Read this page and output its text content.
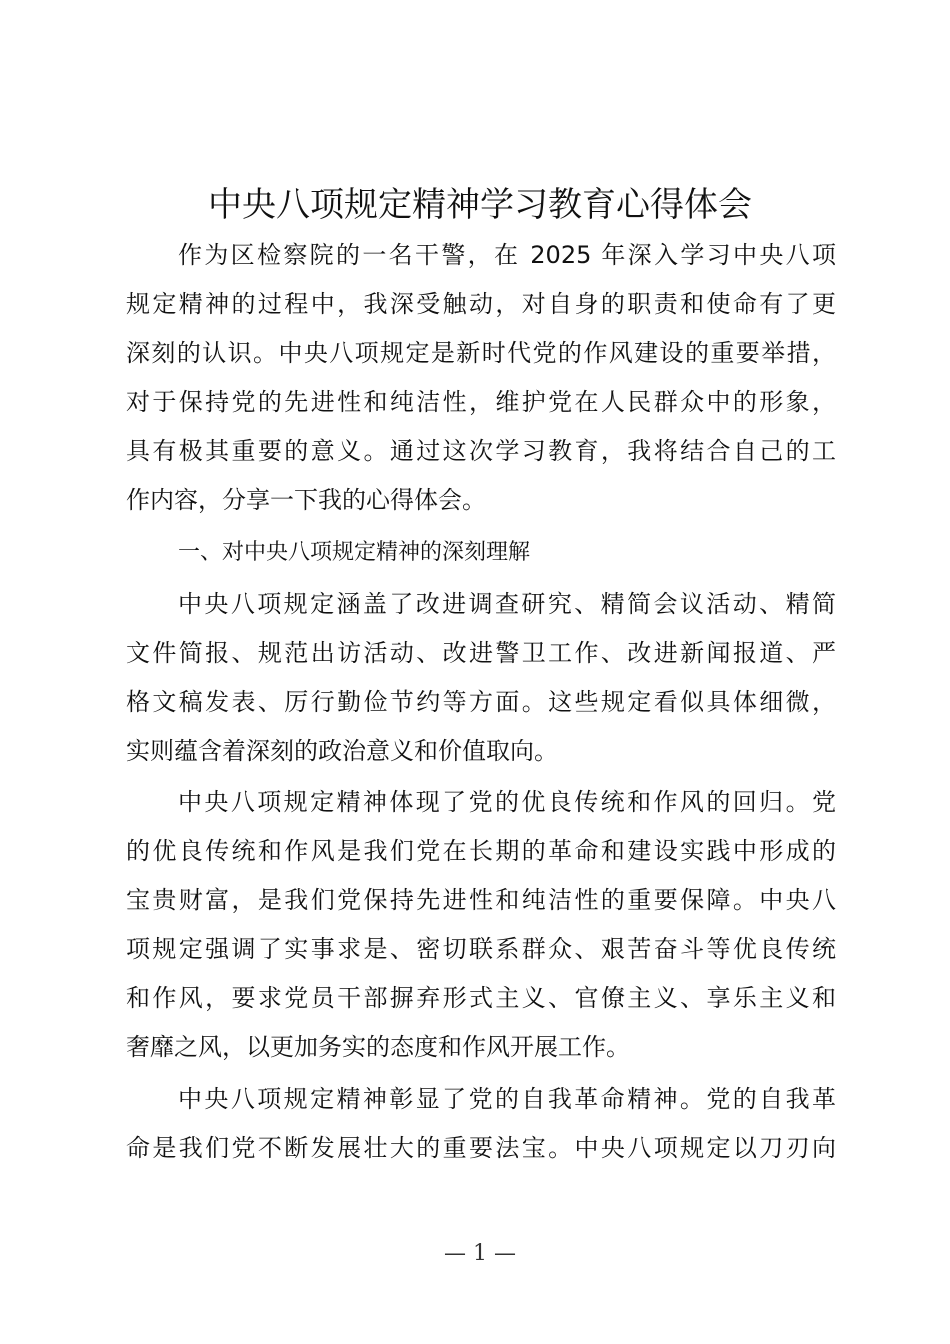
中央八项规定精神学习教育心得体会
作为区检察院的一名干警，在 2025 年深入学习中央八项
规定精神的过程中，我深受触动，对自身的职责和使命有了更
深刻的认识。中央八项规定是新时代党的作风建设的重要举措，
对于保持党的先进性和纯洁性，维护党在人民群众中的形象，
具有极其重要的意义。通过这次学习教育，我将结合自己的工
作内容，分享一下我的心得体会。
一、对中央八项规定精神的深刻理解
中央八项规定涵盖了改进调查研究、精简会议活动、精简
文件简报、规范出访活动、改进警卫工作、改进新闻报道、严
格文稿发表、厉行勤俭节约等方面。这些规定看似具体细微，
实则蕴含着深刻的政治意义和价值取向。
中央八项规定精神体现了党的优良传统和作风的回归。党
的优良传统和作风是我们党在长期的革命和建设实践中形成的
宝贵财富，是我们党保持先进性和纯洁性的重要保障。中央八
项规定强调了实事求是、密切联系群众、艰苦奋斗等优良传统
和作风，要求党员干部摒弃形式主义、官僚主义、享乐主义和
奢靡之风，以更加务实的态度和作风开展工作。
中央八项规定精神彰显了党的自我革命精神。党的自我革
命是我们党不断发展壮大的重要法宝。中央八项规定以刀刃向
— 1 —
